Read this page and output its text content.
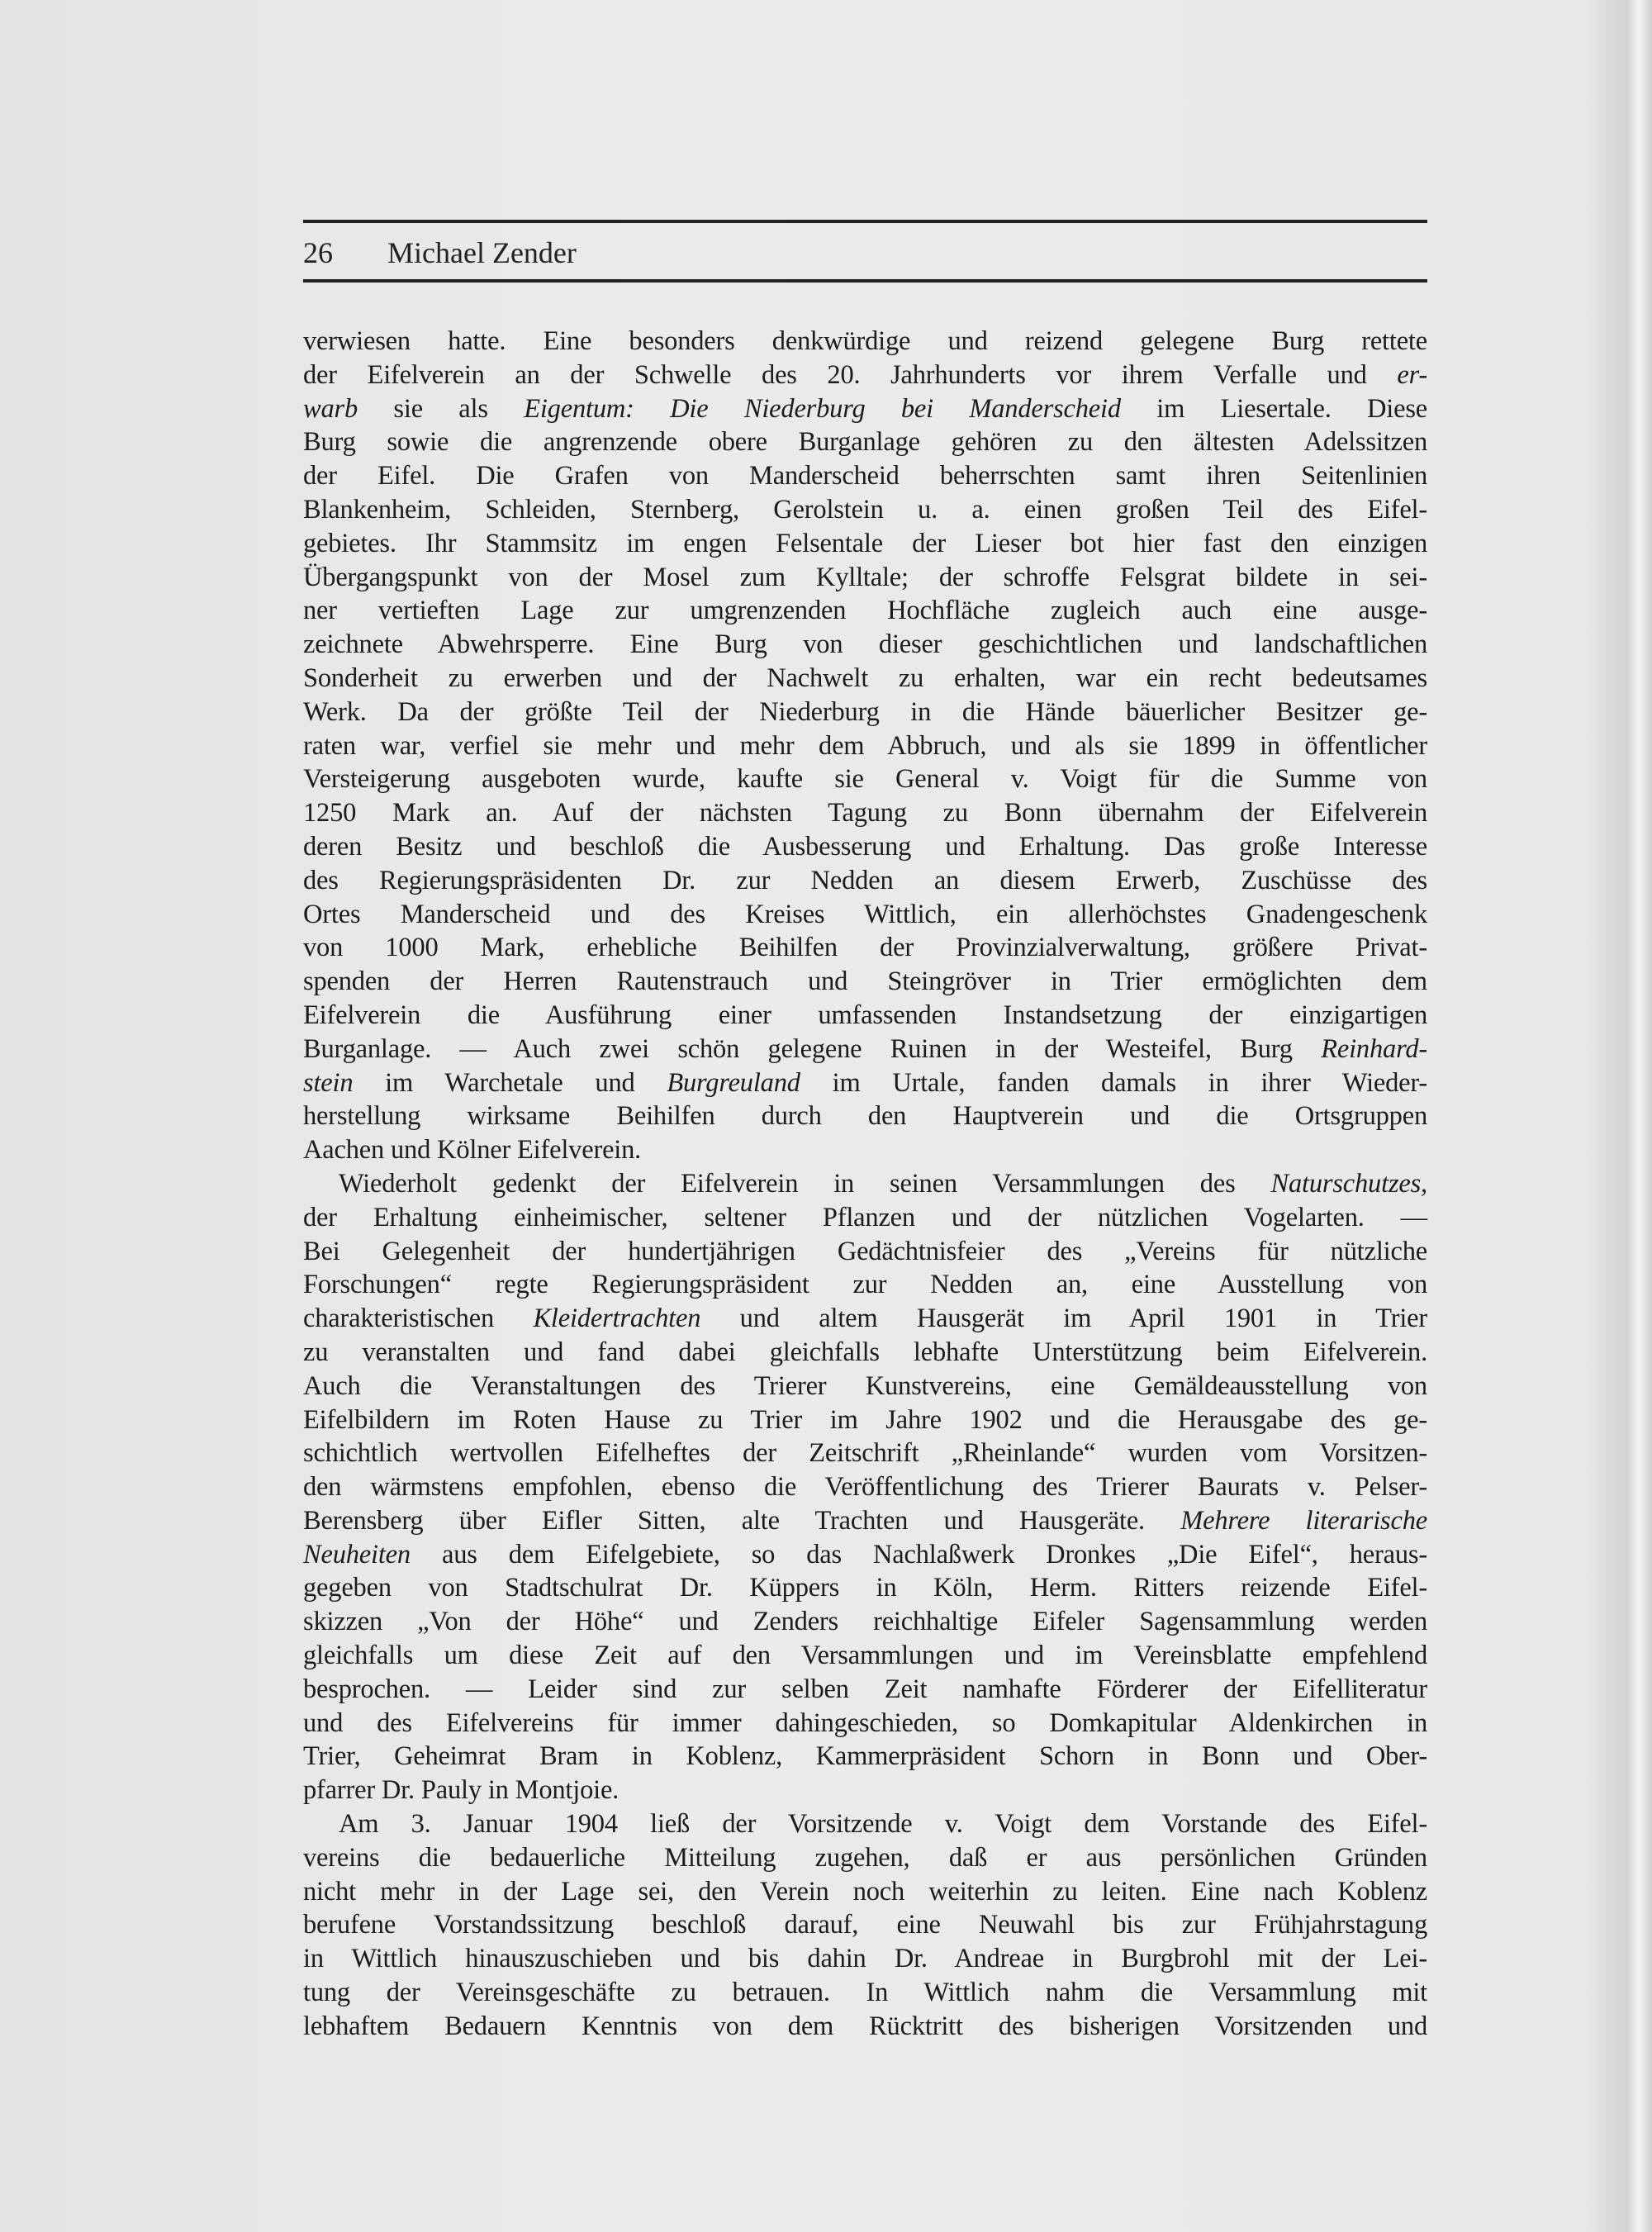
26 Michael Zender
verwiesen hatte. Eine besonders denkwürdige und reizend gelegene Burg rettete
der Eifelverein an der Schwelle des 20. Jahrhunderts vor ihrem Verfalle und er-
warb sie als Eigentum: Die Niederburg bei Manderscheid im Liesertale. Diese
Burg sowie die angrenzende obere Burganlage gehören zu den ältesten Adelssitzen
der Eifel. Die Grafen von Manderscheid beherrschten samt ihren Seitenlinien
Blankenheim, Schleiden, Sternberg, Gerolstein u. a. einen großen Teil des Eifel-
gebietes. Ihr Stammsitz im engen Felsentale der Lieser bot hier fast den einzigen
Übergangspunkt von der Mosel zum Kylltale; der schroffe Felsgrat bildete in sei-
ner vertieften Lage zur umgrenzenden Hochfläche zugleich auch eine ausge-
zeichnete Abwehrsperre. Eine Burg von dieser geschichtlichen und landschaftlichen
Sonderheit zu erwerben und der Nachwelt zu erhalten, war ein recht bedeutsames
Werk. Da der größte Teil der Niederburg in die Hände bäuerlicher Besitzer ge-
raten war, verfiel sie mehr und mehr dem Abbruch, und als sie 1899 in öffentlicher
Versteigerung ausgeboten wurde, kaufte sie General v. Voigt für die Summe von
1250 Mark an. Auf der nächsten Tagung zu Bonn übernahm der Eifelverein
deren Besitz und beschloß die Ausbesserung und Erhaltung. Das große Interesse
des Regierungspräsidenten Dr. zur Nedden an diesem Erwerb, Zuschüsse des
Ortes Manderscheid und des Kreises Wittlich, ein allerhöchstes Gnadengeschenk
von 1000 Mark, erhebliche Beihilfen der Provinzialverwaltung, größere Privat-
spenden der Herren Rautenstrauch und Steingröver in Trier ermöglichten dem
Eifelverein die Ausführung einer umfassenden Instandsetzung der einzigartigen
Burganlage. — Auch zwei schön gelegene Ruinen in der Westeifel, Burg Reinhard-
stein im Warchetale und Burgreuland im Urtale, fanden damals in ihrer Wieder-
herstellung wirksame Beihilfen durch den Hauptverein und die Ortsgruppen
Aachen und Kölner Eifelverein.
Wiederholt gedenkt der Eifelverein in seinen Versammlungen des Naturschutzes,
der Erhaltung einheimischer, seltener Pflanzen und der nützlichen Vogelarten. —
Bei Gelegenheit der hundertjährigen Gedächtnisfeier des „Vereins für nützliche
Forschungen“ regte Regierungspräsident zur Nedden an, eine Ausstellung von
charakteristischen Kleidertrachten und altem Hausgerät im April 1901 in Trier
zu veranstalten und fand dabei gleichfalls lebhafte Unterstützung beim Eifelverein.
Auch die Veranstaltungen des Trierer Kunstvereins, eine Gemäldeausstellung von
Eifelbildern im Roten Hause zu Trier im Jahre 1902 und die Herausgabe des ge-
schichtlich wertvollen Eifelheftes der Zeitschrift „Rheinlande“ wurden vom Vorsitzen-
den wärmstens empfohlen, ebenso die Veröffentlichung des Trierer Baurats v. Pelser-
Berensberg über Eifler Sitten, alte Trachten und Hausgeräte. Mehrere literarische
Neuheiten aus dem Eifelgebiete, so das Nachlaßwerk Dronkes „Die Eifel“, heraus-
gegeben von Stadtschulrat Dr. Küppers in Köln, Herm. Ritters reizende Eifel-
skizzen „Von der Höhe“ und Zenders reichhaltige Eifeler Sagensammlung werden
gleichfalls um diese Zeit auf den Versammlungen und im Vereinsblatte empfehlend
besprochen. — Leider sind zur selben Zeit namhafte Förderer der Eifelliteratur
und des Eifelvereins für immer dahingeschieden, so Domkapitular Aldenkirchen in
Trier, Geheimrat Bram in Koblenz, Kammerpräsident Schorn in Bonn und Ober-
pfarrer Dr. Pauly in Montjoie.
Am 3. Januar 1904 ließ der Vorsitzende v. Voigt dem Vorstande des Eifel-
vereins die bedauerliche Mitteilung zugehen, daß er aus persönlichen Gründen
nicht mehr in der Lage sei, den Verein noch weiterhin zu leiten. Eine nach Koblenz
berufene Vorstandssitzung beschloß darauf, eine Neuwahl bis zur Frühjahrstagung
in Wittlich hinauszuschieben und bis dahin Dr. Andreae in Burgbrohl mit der Lei-
tung der Vereinsgeschäfte zu betrauen. In Wittlich nahm die Versammlung mit
lebhaftem Bedauern Kenntnis von dem Rücktritt des bisherigen Vorsitzenden und
